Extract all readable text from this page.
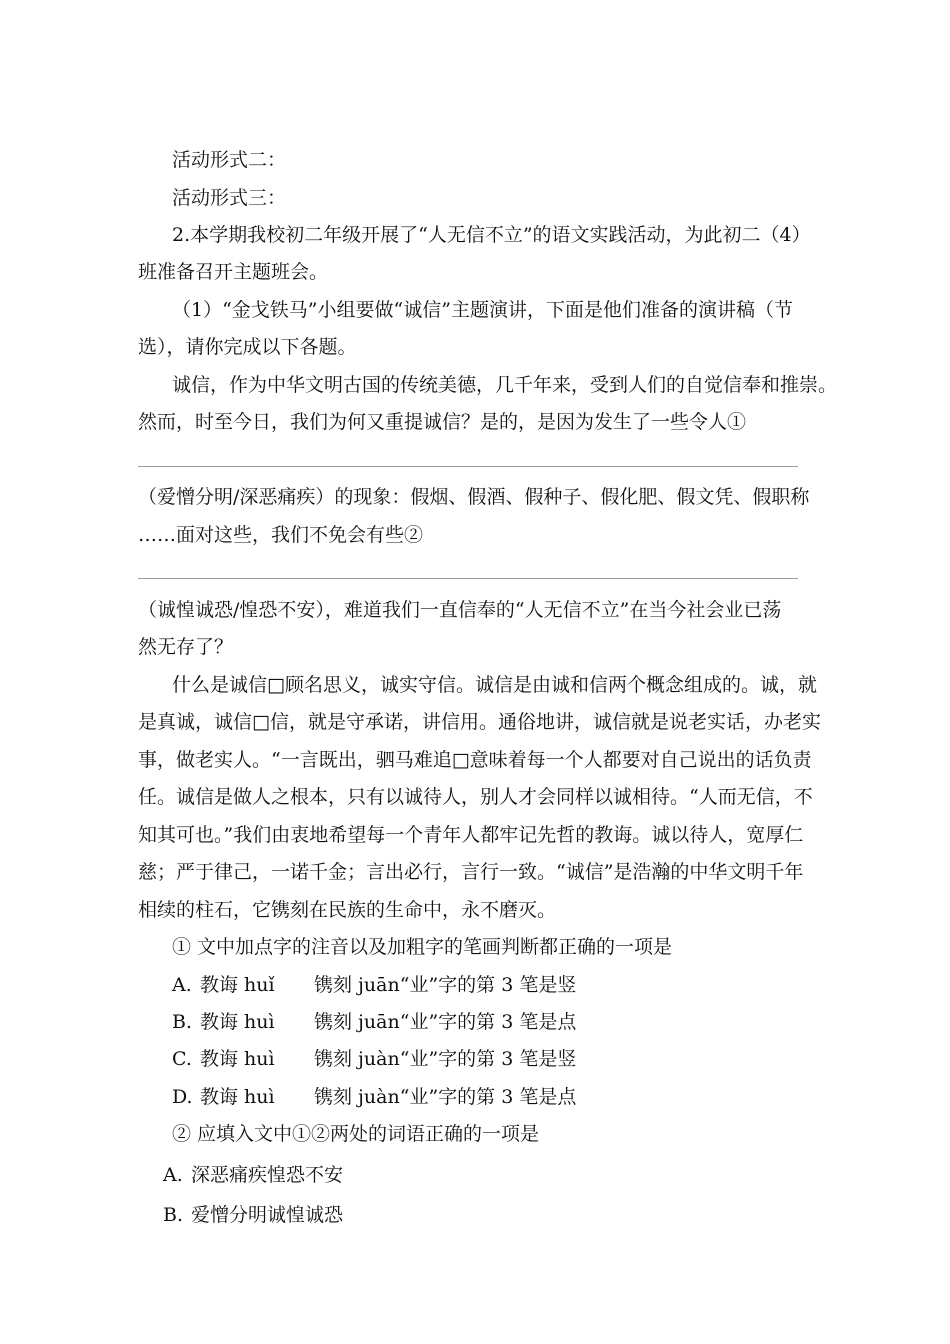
活动形式二：
活动形式三：
2.本学期我校初二年级开展了“人无信不立”的语文实践活动，为此初二（4）
班准备召开主题班会。
（1）“金戈铁马”小组要做“诚信”主题演讲，下面是他们准备的演讲稿（节
选），请你完成以下各题。
诚信，作为中华文明古国的传统美德，几千年来，受到人们的自觉信奉和推崇。
然而，时至今日，我们为何又重提诚信？是的，是因为发生了一些令人①
（爱憎分明/深恶痛疾）的现象：假烟、假酒、假种子、假化肥、假文凭、假职称
……面对这些，我们不免会有些②
（诚惶诚恐/惶恐不安），难道我们一直信奉的“人无信不立”在当今社会业已荡
然无存了？
什么是诚信□顾名思义，诚实守信。诚信是由诚和信两个概念组成的。诚，就
是真诚，诚信□信，就是守承诺，讲信用。通俗地讲，诚信就是说老实话，办老实
事，做老实人。“一言既出，驷马难追□意味着每一个人都要对自己说出的话负责
任。诚信是做人之根本，只有以诚待人，别人才会同样以诚相待。“人而无信，不
知其可也。”我们由衷地希望每一个青年人都牢记先哲的教诲。诚以待人，宽厚仁
慈；严于律己，一诺千金；言出必行，言行一致。“诚信”是浩瀚的中华文明千年
相续的柱石，它镌刻在民族的生命中，永不磨灭。
① 文中加点字的注音以及加粗字的笔画判断都正确的一项是
A. 教诲 huǐ 镌刻 juān“业”字的第 3 笔是竖
B. 教诲 huì 镌刻 juān“业”字的第 3 笔是点
C. 教诲 huì 镌刻 juàn“业”字的第 3 笔是竖
D. 教诲 huì 镌刻 juàn“业”字的第 3 笔是点
② 应填入文中①②两处的词语正确的一项是
A. 深恶痛疾惶恐不安
B. 爱憎分明诚惶诚恐
